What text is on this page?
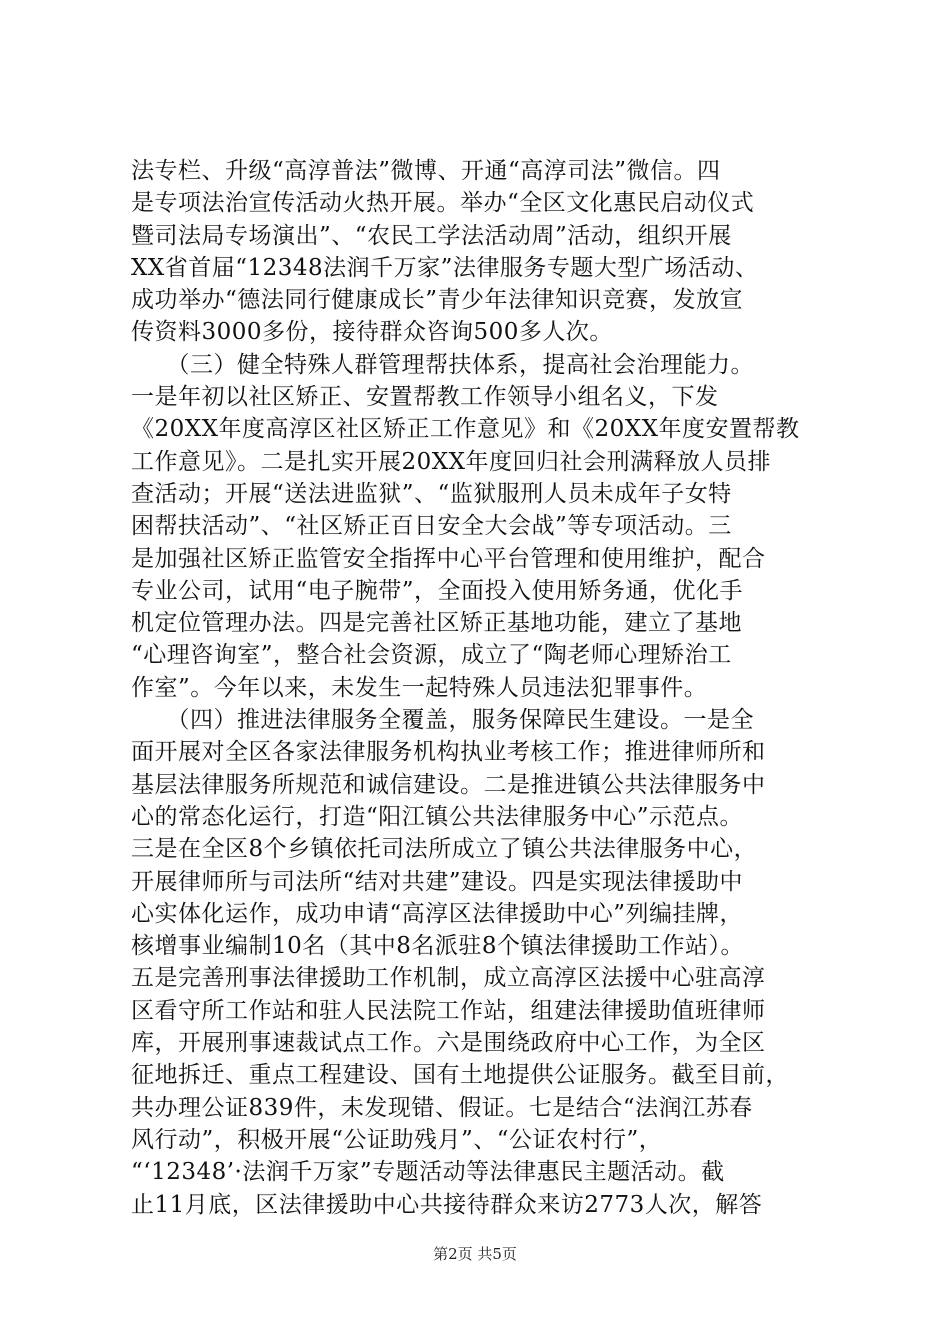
法专栏、升级“高淳普法”微博、开通“高淳司法”微信。四
是专项法治宣传活动火热开展。举办“全区文化惠民启动仪式
暨司法局专场演出”、“农民工学法活动周”活动，组织开展
XX省首届“12348法润千万家”法律服务专题大型广场活动、
成功举办“德法同行健康成长”青少年法律知识竞赛，发放宣
传资料3000多份，接待群众咨询500多人次。
　　（三）健全特殊人群管理帮扶体系，提高社会治理能力。
一是年初以社区矫正、安置帮教工作领导小组名义，下发
《20XX年度高淳区社区矫正工作意见》和《20XX年度安置帮教
工作意见》。二是扎实开展20XX年度回归社会刑满释放人员排
查活动；开展“送法进监狱”、“监狱服刑人员未成年子女特
困帮扶活动”、“社区矫正百日安全大会战”等专项活动。三
是加强社区矫正监管安全指挥中心平台管理和使用维护，配合
专业公司，试用“电子腕带”，全面投入使用矫务通，优化手
机定位管理办法。四是完善社区矫正基地功能，建立了基地
“心理咨询室”，整合社会资源，成立了“陶老师心理矫治工
作室”。今年以来，未发生一起特殊人员违法犯罪事件。
　　（四）推进法律服务全覆盖，服务保障民生建设。一是全
面开展对全区各家法律服务机构执业考核工作；推进律师所和
基层法律服务所规范和诚信建设。二是推进镇公共法律服务中
心的常态化运行，打造“阳江镇公共法律服务中心”示范点。
三是在全区8个乡镇依托司法所成立了镇公共法律服务中心，
开展律师所与司法所“结对共建”建设。四是实现法律援助中
心实体化运作，成功申请“高淳区法律援助中心”列编挂牌，
核增事业编制10名（其中8名派驻8个镇法律援助工作站）。
五是完善刑事法律援助工作机制，成立高淳区法援中心驻高淳
区看守所工作站和驻人民法院工作站，组建法律援助值班律师
库，开展刑事速裁试点工作。六是围绕政府中心工作，为全区
征地拆迁、重点工程建设、国有土地提供公证服务。截至目前，
共办理公证839件，未发现错、假证。七是结合“法润江苏春
风行动”，积极开展“公证助残月”、“公证农村行”，
“‘12348’·法润千万家”专题活动等法律惠民主题活动。截
止11月底，区法律援助中心共接待群众来访2773人次，解答
第2页 共5页
